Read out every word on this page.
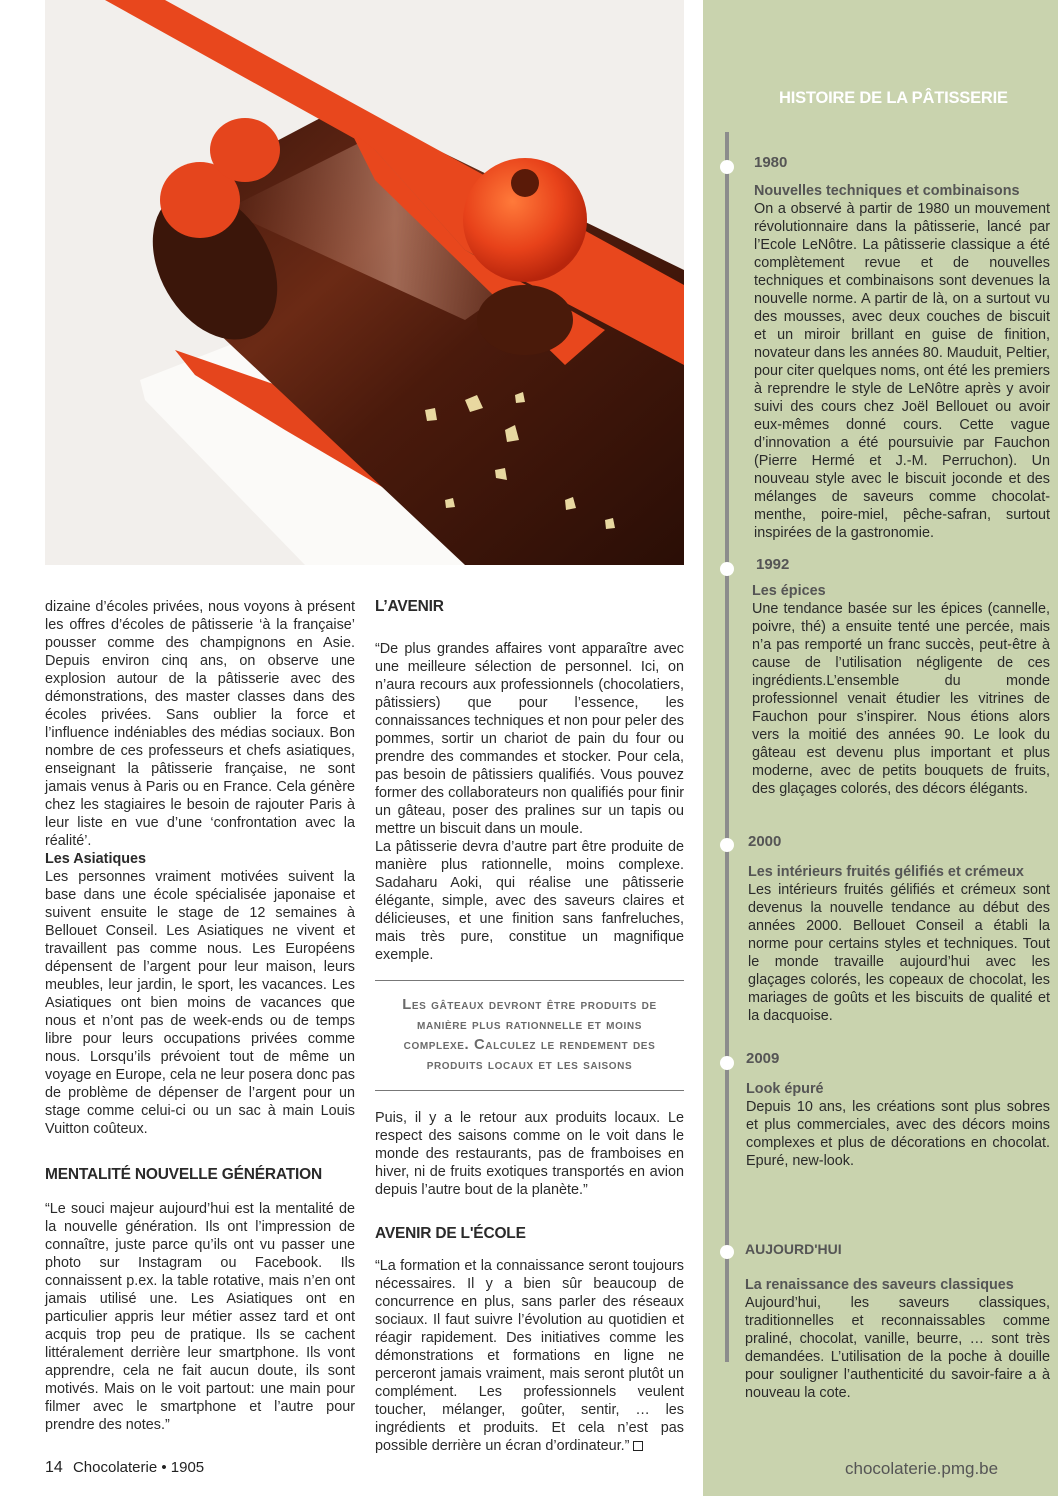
dizaine d’écoles privées, nous voyons à présent les offres d’écoles de pâtisserie ‘à la française’ pousser comme des champignons en Asie. Depuis environ cinq ans, on observe une explosion autour de la pâtisserie avec des démonstrations, des master classes dans des écoles privées. Sans oublier la force et l’influence indéniables des médias sociaux. Bon nombre de ces professeurs et chefs asiatiques, enseignant la pâtisserie française, ne sont jamais venus à Paris ou en France. Cela génère chez les stagiaires le besoin de rajouter Paris à leur liste en vue d’une ‘confrontation avec la réalité’.

Les Asiatiques

Les personnes vraiment motivées suivent la base dans une école spécialisée japonaise et suivent ensuite le stage de 12 semaines à Bellouet Conseil. Les Asiatiques ne vivent et travaillent pas comme nous. Les Européens dépensent de l’argent pour leur maison, leurs meubles, leur jardin, le sport, les vacances. Les Asiatiques ont bien moins de vacances que nous et n’ont pas de week-ends ou de temps libre pour leurs occupations privées comme nous. Lorsqu’ils prévoient tout de même un voyage en Europe, cela ne leur posera donc pas de problème de dépenser de l’argent pour un stage comme celui-ci ou un sac à main Louis Vuitton coûteux.

MENTALITÉ NOUVELLE GÉNÉRATION

“Le souci majeur aujourd’hui est la mentalité de la nouvelle génération. Ils ont l’impression de connaître, juste parce qu’ils ont vu passer une photo sur Instagram ou Facebook. Ils connaissent p.ex. la table rotative, mais n’en ont jamais utilisé une. Les Asiatiques ont en particulier appris leur métier assez tard et ont acquis trop peu de pratique. Ils se cachent littéralement derrière leur smartphone. Ils vont apprendre, cela ne fait aucun doute, ils sont motivés. Mais on le voit partout: une main pour filmer avec le smartphone et l’autre pour prendre des notes.”

L’AVENIR

“De plus grandes affaires vont apparaître avec une meilleure sélection de personnel. Ici, on n’aura recours aux professionnels (chocolatiers, pâtissiers) que pour l’essence, les connaissances techniques et non pour peler des pommes, sortir un chariot de pain du four ou prendre des commandes et stocker. Pour cela, pas besoin de pâtissiers qualifiés. Vous pouvez former des collaborateurs non qualifiés pour finir un gâteau, poser des pralines sur un tapis ou mettre un biscuit dans un moule.

La pâtisserie devra d’autre part être produite de manière plus rationnelle, moins complexe. Sadaharu Aoki, qui réalise une pâtisserie élégante, simple, avec des saveurs claires et délicieuses, et une finition sans fanfreluches, mais très pure, constitue un magnifique exemple.

Les gâteaux devront être produits de manière plus rationnelle et moins complexe. Calculez le rendement des produits locaux et les saisons

Puis, il y a le retour aux produits locaux. Le respect des saisons comme on le voit dans le monde des restaurants, pas de framboises en hiver, ni de fruits exotiques transportés en avion depuis l’autre bout de la planète.”

AVENIR DE L'ÉCOLE

“La formation et la connaissance seront toujours nécessaires. Il y a bien sûr beaucoup de concurrence en plus, sans parler des réseaux sociaux. Il faut suivre l’évolution au quotidien et réagir rapidement. Des initiatives comme les démonstrations et formations en ligne ne perceront jamais vraiment, mais seront plutôt un complément. Les professionnels veulent toucher, mélanger, goûter, sentir, … les ingrédients et produits. Et cela n’est pas possible derrière un écran d’ordinateur.”

14 Chocolaterie • 1905
HISTOIRE DE LA PÂTISSERIE

1980

Nouvelles techniques et combinaisons

On a observé à partir de 1980 un mouvement révolutionnaire dans la pâtisserie, lancé par l’Ecole LeNôtre. La pâtisserie classique a été complètement revue et de nouvelles techniques et combinaisons sont devenues la nouvelle norme. A partir de là, on a surtout vu des mousses, avec deux couches de biscuit et un miroir brillant en guise de finition, novateur dans les années 80. Mauduit, Peltier, pour citer quelques noms, ont été les premiers à reprendre le style de LeNôtre après y avoir suivi des cours chez Joël Bellouet ou avoir eux-mêmes donné cours. Cette vague d’innovation a été poursuivie par Fauchon (Pierre Hermé et J.-M. Perruchon). Un nouveau style avec le biscuit joconde et des mélanges de saveurs comme chocolat-menthe, poire-miel, pêche-safran, surtout inspirées de la gastronomie.

1992

Les épices

Une tendance basée sur les épices (cannelle, poivre, thé) a ensuite tenté une percée, mais n’a pas remporté un franc succès, peut-être à cause de l’utilisation négligente de ces ingrédients.L’ensemble du monde professionnel venait étudier les vitrines de Fauchon pour s’inspirer. Nous étions alors vers la moitié des années 90. Le look du gâteau est devenu plus important et plus moderne, avec de petits bouquets de fruits, des glaçages colorés, des décors élégants.

2000

Les intérieurs fruités gélifiés et crémeux

Les intérieurs fruités gélifiés et crémeux sont devenus la nouvelle tendance au début des années 2000. Bellouet Conseil a établi la norme pour certains styles et techniques. Tout le monde travaille aujourd’hui avec les glaçages colorés, les copeaux de chocolat, les mariages de goûts et les biscuits de qualité et la dacquoise.

2009

Look épuré

Depuis 10 ans, les créations sont plus sobres et plus commerciales, avec des décors moins complexes et plus de décorations en chocolat. Epuré, new-look.

AUJOURD'HUI

La renaissance des saveurs classiques

Aujourd’hui, les saveurs classiques, traditionnelles et reconnaissables comme praliné, chocolat, vanille, beurre, … sont très demandées. L’utilisation de la poche à douille pour souligner l’authenticité du savoir-faire a à nouveau la cote.

chocolaterie.pmg.be
